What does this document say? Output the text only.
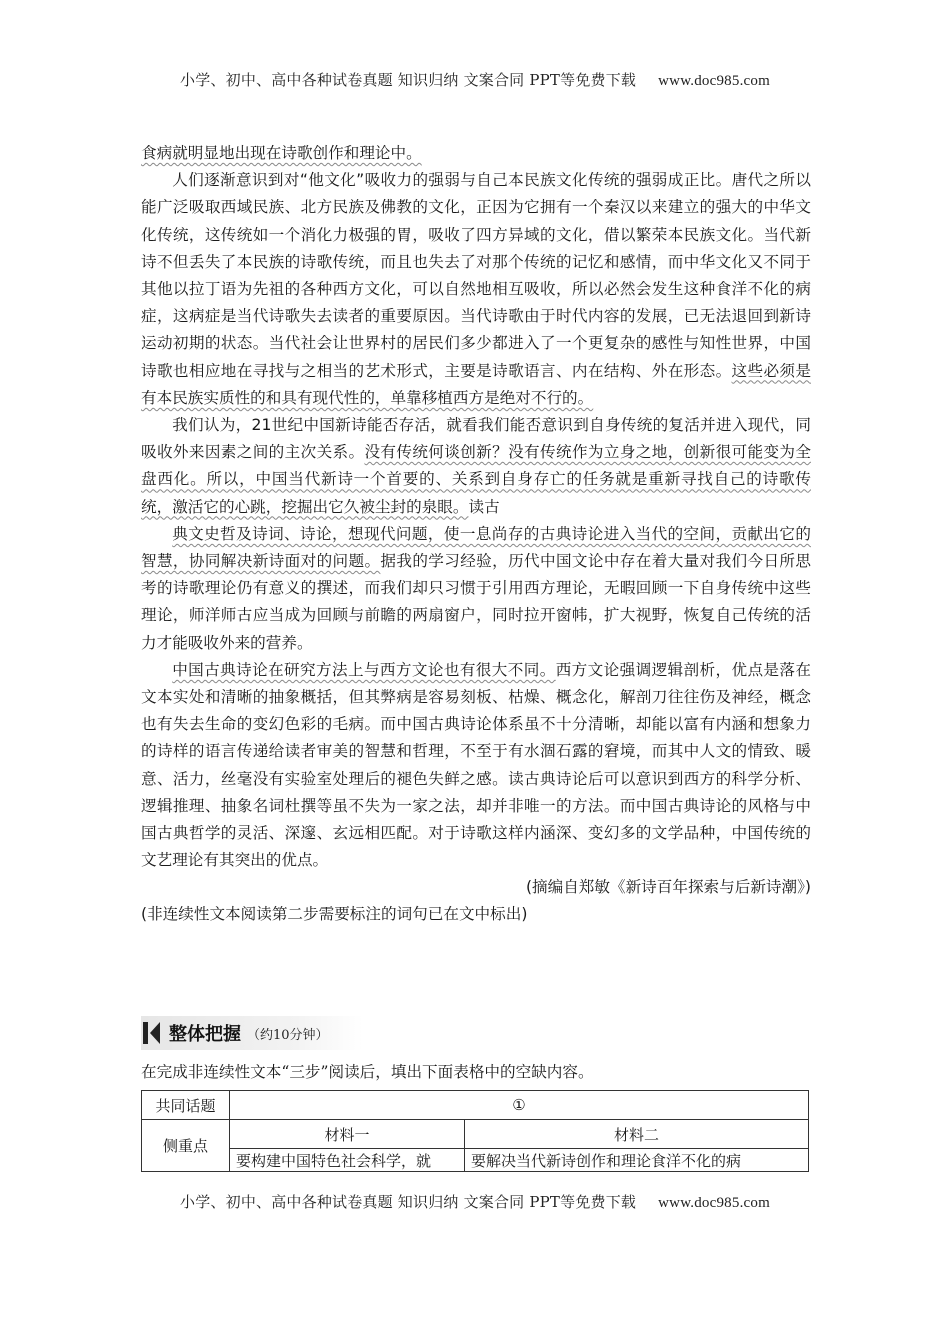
小学、初中、高中各种试卷真题 知识归纳 文案合同 PPT等免费下载 www.doc985.com

食病就明显地出现在诗歌创作和理论中。

人们逐渐意识到对“他文化”吸收力的强弱与自己本民族文化传统的强弱成正比。唐代之所以能广泛吸取西域民族、北方民族及佛教的文化，正因为它拥有一个秦汉以来建立的强大的中华文化传统，这传统如一个消化力极强的胃，吸收了四方异域的文化，借以繁荣本民族文化。当代新诗不但丢失了本民族的诗歌传统，而且也失去了对那个传统的记忆和感情，而中华文化又不同于其他以拉丁语为先祖的各种西方文化，可以自然地相互吸收，所以必然会发生这种食洋不化的病症，这病症是当代诗歌失去读者的重要原因。当代诗歌由于时代内容的发展，已无法退回到新诗运动初期的状态。当代社会让世界村的居民们多少都进入了一个更复杂的感性与知性世界，中国诗歌也相应地在寻找与之相当的艺术形式，主要是诗歌语言、内在结构、外在形态。这些必须是有本民族实质性的和具有现代性的，单靠移植西方是绝对不行的。

我们认为，21世纪中国新诗能否存活，就看我们能否意识到自身传统的复活并进入现代，同吸收外来因素之间的主次关系。没有传统何谈创新？没有传统作为立身之地，创新很可能变为全盘西化。所以，中国当代新诗一个首要的、关系到自身存亡的任务就是重新寻找自己的诗歌传统，激活它的心跳，挖掘出它久被尘封的泉眼。读古

典文史哲及诗词、诗论，想现代问题，使一息尚存的古典诗论进入当代的空间，贡献出它的智慧，协同解决新诗面对的问题。据我的学习经验，历代中国文论中存在着大量对我们今日所思考的诗歌理论仍有意义的撰述，而我们却只习惯于引用西方理论，无暇回顾一下自身传统中这些理论，师洋师古应当成为回顾与前瞻的两扇窗户，同时拉开窗帏，扩大视野，恢复自己传统的活力才能吸收外来的营养。

中国古典诗论在研究方法上与西方文论也有很大不同。西方文论强调逻辑剖析，优点是落在文本实处和清晰的抽象概括，但其弊病是容易刻板、枯燥、概念化，解剖刀往往伤及神经，概念也有失去生命的变幻色彩的毛病。而中国古典诗论体系虽不十分清晰，却能以富有内涵和想象力的诗样的语言传递给读者审美的智慧和哲理，不至于有水涸石露的窘境，而其中人文的情致、暖意、活力，丝毫没有实验室处理后的褪色失鲜之感。读古典诗论后可以意识到西方的科学分析、逻辑推理、抽象名词杜撰等虽不失为一家之法，却并非唯一的方法。而中国古典诗论的风格与中国古典哲学的灵活、深邃、玄远相匹配。对于诗歌这样内涵深、变幻多的文学品种，中国传统的文艺理论有其突出的优点。

(摘编自郑敏《新诗百年探索与后新诗潮》)
(非连续性文本阅读第二步需要标注的词句已在文中标出)
整体把握 （约10分钟）
在完成非连续性文本“三步”阅读后，填出下面表格中的空缺内容。
共同话题	①	
侧重点	材料一	材料二
	要构建中国特色社会科学，就	要解决当代新诗创作和理论食洋不化的病
小学、初中、高中各种试卷真题 知识归纳 文案合同 PPT等免费下载 www.doc985.com
